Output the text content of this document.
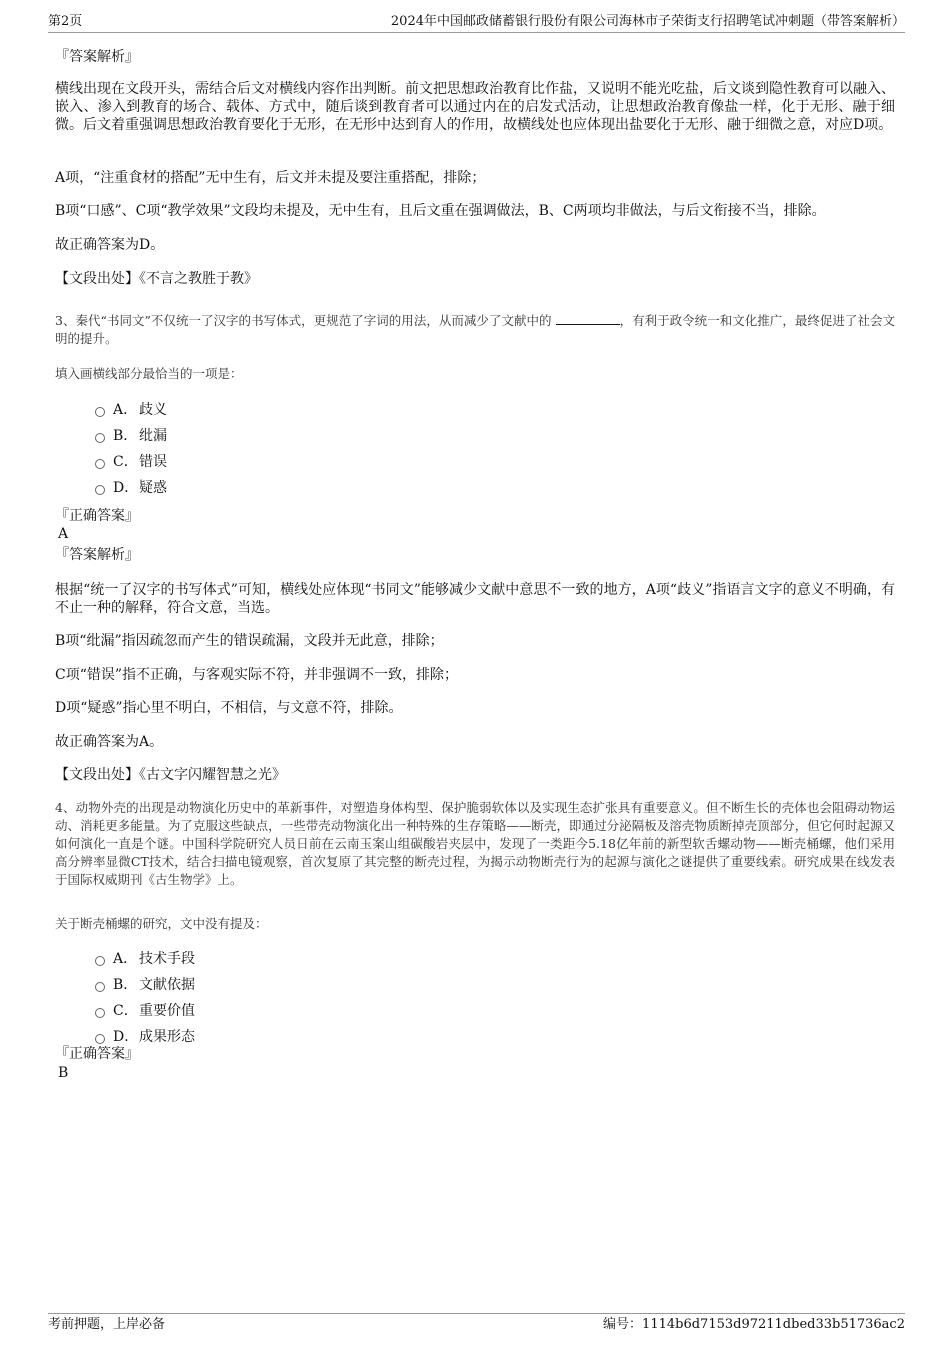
第2页	2024年中国邮政储蓄银行股份有限公司海林市子荣街支行招聘笔试冲刺题（带答案解析）
『答案解析』

横线出现在文段开头，需结合后文对横线内容作出判断。前文把思想政治教育比作盐，又说明不能光吃盐，后文谈到隐性教育可以融入、嵌入、渗入到教育的场合、载体、方式中，随后谈到教育者可以通过内在的启发式活动，让思想政治教育像盐一样，化于无形、融于细微。后文着重强调思想政治教育要化于无形，在无形中达到育人的作用，故横线处也应体现出盐要化于无形、融于细微之意，对应D项。

A项，“注重食材的搭配”无中生有，后文并未提及要注重搭配，排除；

B项“口感”、C项“教学效果”文段均未提及，无中生有，且后文重在强调做法，B、C两项均非做法，与后文衔接不当，排除。

故正确答案为D。

【文段出处】《不言之教胜于教》

3、秦代“书同文”不仅统一了汉字的书写体式，更规范了字词的用法，从而减少了文献中的	，有利于政令统一和文化推广，最终促进了社会文明的提升。

填入画横线部分最恰当的一项是：

A． 歧义
B． 纰漏
C．错误
D．疑惑
『正确答案』
A
『答案解析』

根据“统一了汉字的书写体式”可知，横线处应体现“书同文”能够减少文献中意思不一致的地方，A项“歧义”指语言文字的意义不明确，有不止一种的解释，符合文意，当选。

B项“纰漏”指因疏忽而产生的错误疏漏，文段并无此意，排除；

C项“错误”指不正确，与客观实际不符，并非强调不一致，排除；

D项“疑惑”指心里不明白，不相信，与文意不符，排除。

故正确答案为A。

【文段出处】《古文字闪耀智慧之光》

4、动物外壳的出现是动物演化历史中的革新事件，对塑造身体构型、保护脆弱软体以及实现生态扩张具有重要意义。但不断生长的壳体也会阻碍动物运动、消耗更多能量。为了克服这些缺点，一些带壳动物演化出一种特殊的生存策略——断壳，即通过分泌隔板及溶壳物质断掉壳顶部分，但它何时起源又如何演化一直是个谜。中国科学院研究人员日前在云南玉案山组碳酸岩夹层中，发现了一类距今5.18亿年前的新型软舌螺动物——断壳桶螺，他们采用高分辨率显微CT技术，结合扫描电镜观察，首次复原了其完整的断壳过程，为揭示动物断壳行为的起源与演化之谜提供了重要线索。研究成果在线发表于国际权威期刊《古生物学》上。

关于断壳桶螺的研究，文中没有提及：

A． 技术手段
B． 文献依据
C．重要价值
D．成果形态
『正确答案』
B
考前押题，上岸必备	编号：1114b6d7153d97211dbed33b51736ac2
